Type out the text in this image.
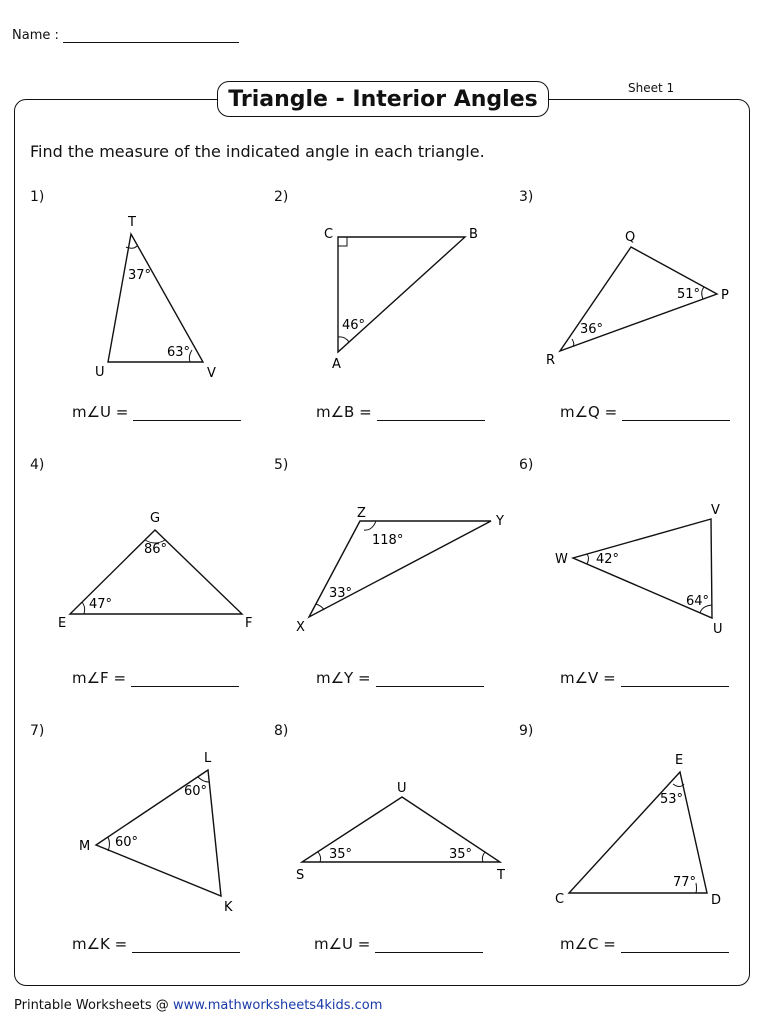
Name :
Sheet 1
Triangle - Interior Angles
Find the measure of the indicated angle in each triangle.
1)
T
U	V
37°
63°
m∠U =
2)
C	B
A
46°
m∠B =
3)
Q
P
R
51°
36°
m∠Q =
4)
G
E	F
86°
47°
m∠F =
5)
Z
Y
X
118°
33°
m∠Y =
6)
V
W
U
42°
64°
m∠V =
7)
L
M
K
60°
60°
m∠K =
8)
U
S	T
35°	35°
m∠U =
9)
E
C	D
53°
77°
m∠C =
Printable Worksheets @ www.mathworksheets4kids.com
